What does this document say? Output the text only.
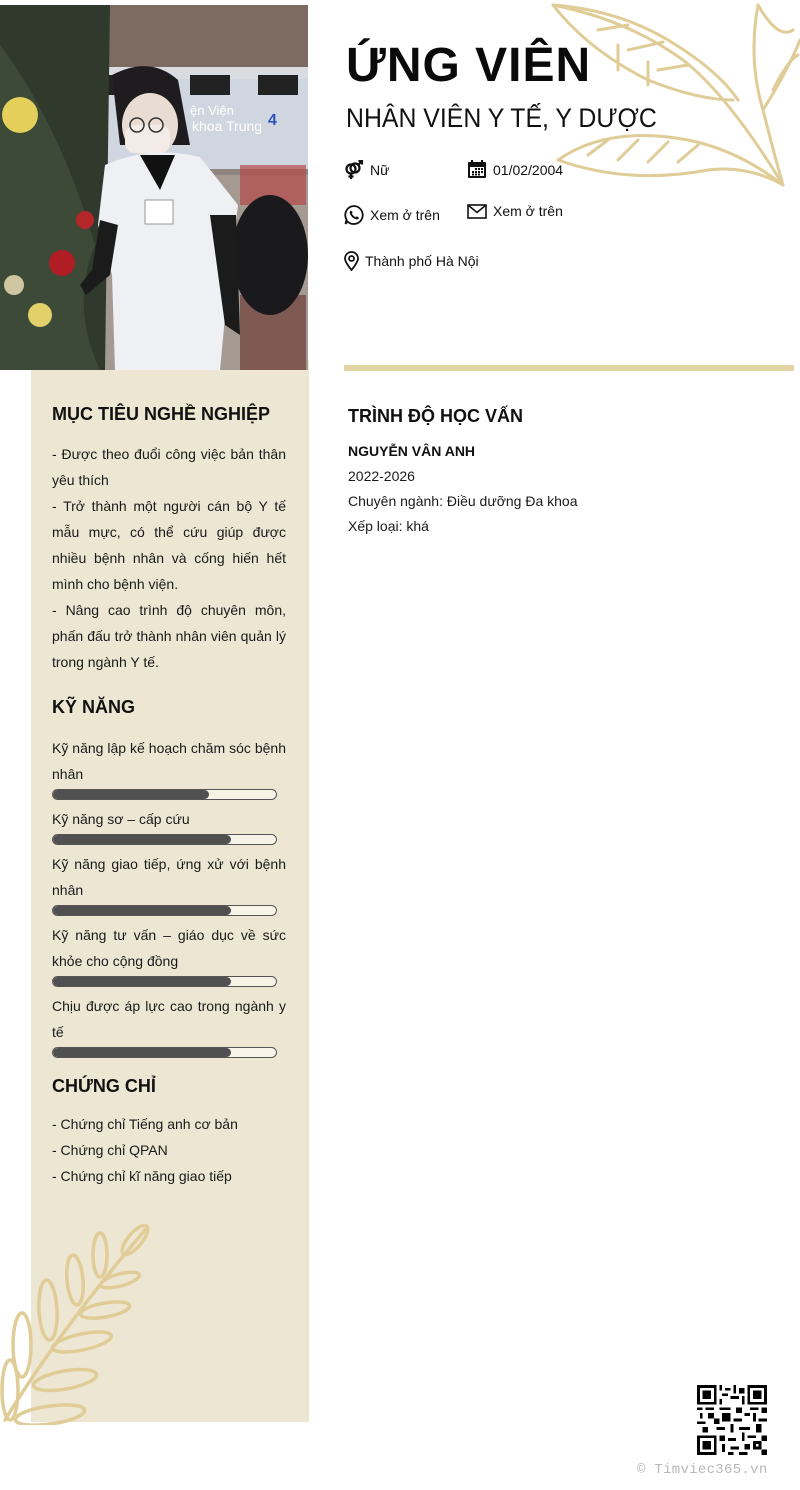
ện Viện
khoa Trung 4
ỨNG VIÊN
NHÂN VIÊN Y TẾ, Y DƯỢC
Nữ	01/02/2004
Xem ở trên	Xem ở trên
Thành phố Hà Nội
MỤC TIÊU NGHỀ NGHIỆP
- Được theo đuổi công việc bản thân yêu thích
- Trở thành một người cán bộ Y tế mẫu mực, có thể cứu giúp được nhiều bệnh nhân và cống hiến hết mình cho bệnh viện.
- Nâng cao trình độ chuyên môn, phấn đấu trở thành nhân viên quản lý trong ngành Y tế.
KỸ NĂNG
Kỹ năng lập kế hoạch chăm sóc bệnh nhân
Kỹ năng sơ – cấp cứu
Kỹ năng giao tiếp, ứng xử với bệnh nhân
Kỹ năng tư vấn – giáo dục về sức khỏe cho cộng đồng
Chịu được áp lực cao trong ngành y tế
CHỨNG CHỈ
- Chứng chỉ Tiếng anh cơ bản
- Chứng chỉ QPAN
- Chứng chỉ kĩ năng giao tiếp
TRÌNH ĐỘ HỌC VẤN
NGUYỄN VÂN ANH
2022-2026
Chuyên ngành: Điều dưỡng Đa khoa
Xếp loại: khá
© Timviec365.vn
